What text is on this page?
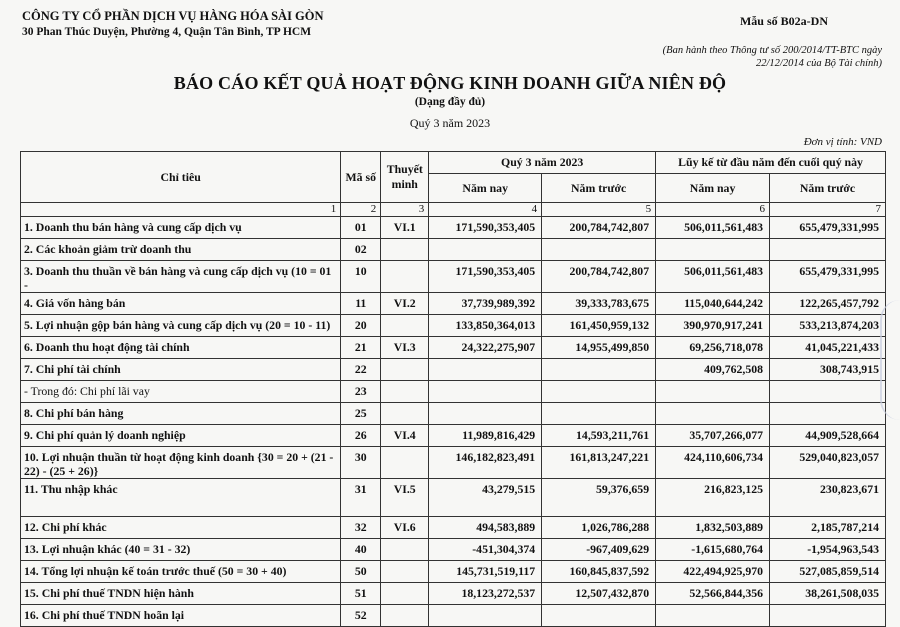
CÔNG TY CỔ PHẦN DỊCH VỤ HÀNG HÓA SÀI GÒN
30 Phan Thúc Duyện, Phường 4, Quận Tân Bình, TP HCM
Mẫu số B02a-DN
(Ban hành theo Thông tư số 200/2014/TT-BTC ngày
22/12/2014 của Bộ Tài chính)
BÁO CÁO KẾT QUẢ HOẠT ĐỘNG KINH DOANH GIỮA NIÊN ĐỘ
(Dạng đầy đủ)
Quý 3 năm 2023
Đơn vị tính: VND
Chỉ tiêu	Mã số	Thuyết minh	Quý 3 năm 2023		Lũy kế từ đầu năm đến cuối quý này	
			Năm nay	Năm trước	Năm nay	Năm trước
1	2	3	4	5	6	7
1. Doanh thu bán hàng và cung cấp dịch vụ	01	VI.1	171,590,353,405	200,784,742,807	506,011,561,483	655,479,331,995
2. Các khoản giảm trừ doanh thu	02					
3. Doanh thu thuần về bán hàng và cung cấp dịch vụ (10 = 01 -	10		171,590,353,405	200,784,742,807	506,011,561,483	655,479,331,995
4. Giá vốn hàng bán	11	VI.2	37,739,989,392	39,333,783,675	115,040,644,242	122,265,457,792
5. Lợi nhuận gộp bán hàng và cung cấp dịch vụ (20 = 10 - 11)	20		133,850,364,013	161,450,959,132	390,970,917,241	533,213,874,203
6. Doanh thu hoạt động tài chính	21	VI.3	24,322,275,907	14,955,499,850	69,256,718,078	41,045,221,433
7. Chi phí tài chính	22				409,762,508	308,743,915
- Trong đó: Chi phí lãi vay	23					
8. Chi phí bán hàng	25					
9. Chi phí quản lý doanh nghiệp	26	VI.4	11,989,816,429	14,593,211,761	35,707,266,077	44,909,528,664
10. Lợi nhuận thuần từ hoạt động kinh doanh {30 = 20 + (21 - 22) - (25 + 26)}	30		146,182,823,491	161,813,247,221	424,110,606,734	529,040,823,057
11. Thu nhập khác	31	VI.5	43,279,515	59,376,659	216,823,125	230,823,671
12. Chi phí khác	32	VI.6	494,583,889	1,026,786,288	1,832,503,889	2,185,787,214
13. Lợi nhuận khác (40 = 31 - 32)	40		-451,304,374	-967,409,629	-1,615,680,764	-1,954,963,543
14. Tổng lợi nhuận kế toán trước thuế (50 = 30 + 40)	50		145,731,519,117	160,845,837,592	422,494,925,970	527,085,859,514
15. Chi phí thuế TNDN hiện hành	51		18,123,272,537	12,507,432,870	52,566,844,356	38,261,508,035
16. Chi phí thuế TNDN hoãn lại	52					
